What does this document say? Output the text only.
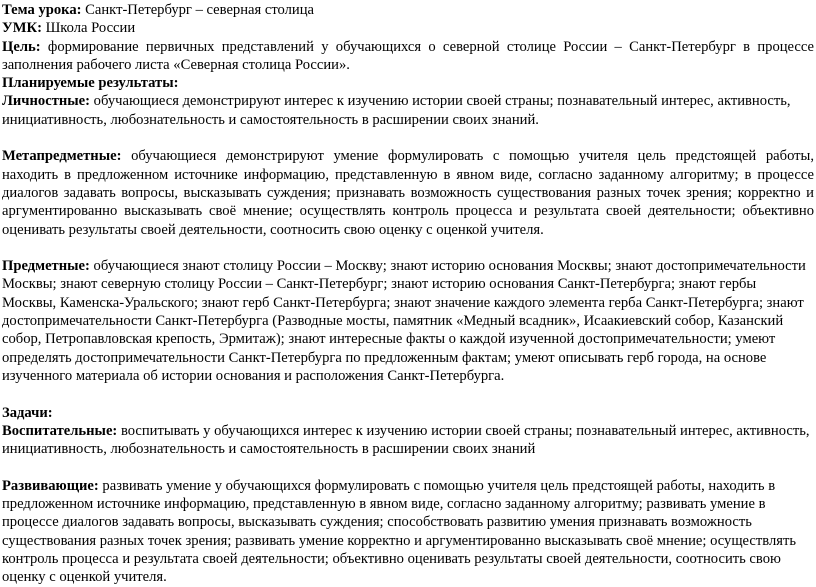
Тема урока: Санкт-Петербург – северная столица

УМК: Школа России

Цель: формирование первичных представлений у обучающихся о северной столице России – Санкт-Петербург в процессе заполнения рабочего листа «Северная столица России».

Планируемые результаты:

Личностные: обучающиеся демонстрируют интерес к изучению истории своей страны; познавательный интерес, активность, инициативность, любознательность и самостоятельность в расширении своих знаний.

Метапредметные: обучающиеся демонстрируют умение формулировать с помощью учителя цель предстоящей работы, находить в предложенном источнике информацию, представленную в явном виде, согласно заданному алгоритму; в процессе диалогов задавать вопросы, высказывать суждения; признавать возможность существования разных точек зрения; корректно и аргументированно высказывать своё мнение; осуществлять контроль процесса и результата своей деятельности; объективно оценивать результаты своей деятельности, соотносить свою оценку с оценкой учителя.

Предметные: обучающиеся знают столицу России – Москву; знают историю основания Москвы; знают достопримечательности Москвы; знают северную столицу России – Санкт-Петербург; знают историю основания Санкт-Петербурга; знают гербы Москвы, Каменска-Уральского; знают герб Санкт-Петербурга; знают значение каждого элемента герба Санкт-Петербурга; знают достопримечательности Санкт-Петербурга (Разводные мосты, памятник «Медный всадник», Исаакиевский собор, Казанский собор, Петропавловская крепость, Эрмитаж); знают интересные факты о каждой изученной достопримечательности; умеют определять достопримечательности Санкт-Петербурга по предложенным фактам; умеют описывать герб города, на основе изученного материала об истории основания и расположения Санкт-Петербурга.

Задачи:

Воспитательные: воспитывать у обучающихся интерес к изучению истории своей страны; познавательный интерес, активность, инициативность, любознательность и самостоятельность в расширении своих знаний

Развивающие: развивать умение у обучающихся формулировать с помощью учителя цель предстоящей работы, находить в предложенном источнике информацию, представленную в явном виде, согласно заданному алгоритму; развивать умение в процессе диалогов задавать вопросы, высказывать суждения; способствовать развитию умения признавать возможность существования разных точек зрения; развивать умение корректно и аргументированно высказывать своё мнение; осуществлять контроль процесса и результата своей деятельности; объективно оценивать результаты своей деятельности, соотносить свою оценку с оценкой учителя.
